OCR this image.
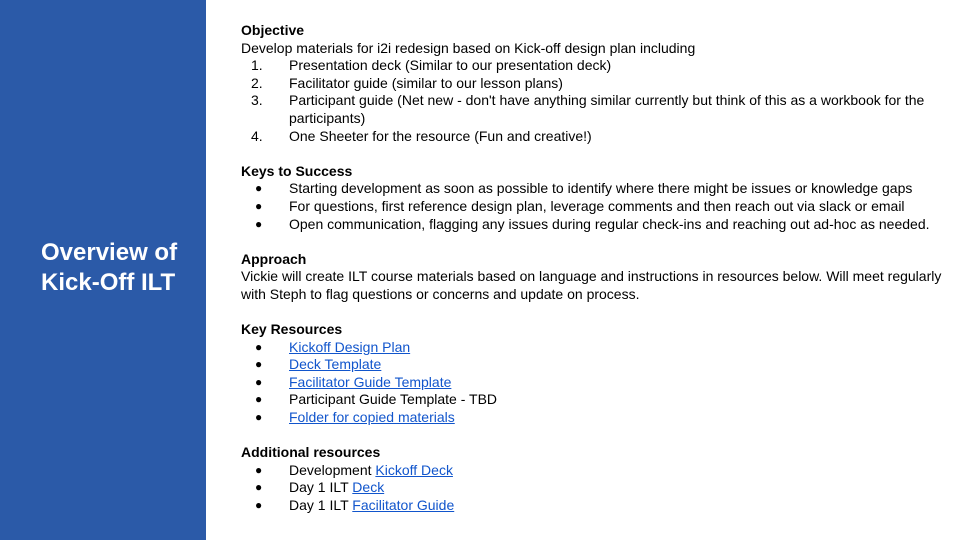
Overview of Kick-Off ILT

Objective

Develop materials for i2i redesign based on Kick-off design plan including

1.	Presentation deck (Similar to our presentation deck)
2.	Facilitator guide (similar to our lesson plans)
3.	Participant guide (Net new - don't have anything similar currently but think of this as a workbook for the participants)
4.	One Sheeter for the resource (Fun and creative!)

Keys to Success

●	Starting development as soon as possible to identify where there might be issues or knowledge gaps
●	For questions, first reference design plan, leverage comments and then reach out via slack or email
●	Open communication, flagging any issues during regular check-ins and reaching out ad-hoc as needed.

Approach

Vickie will create ILT course materials based on language and instructions in resources below. Will meet regularly with Steph to flag questions or concerns and update on process.

Key Resources

●	Kickoff Design Plan
●	Deck Template
●	Facilitator Guide Template
●	Participant Guide Template - TBD
●	Folder for copied materials

Additional resources

●	Development Kickoff Deck
●	Day 1 ILT Deck
●	Day 1 ILT Facilitator Guide
